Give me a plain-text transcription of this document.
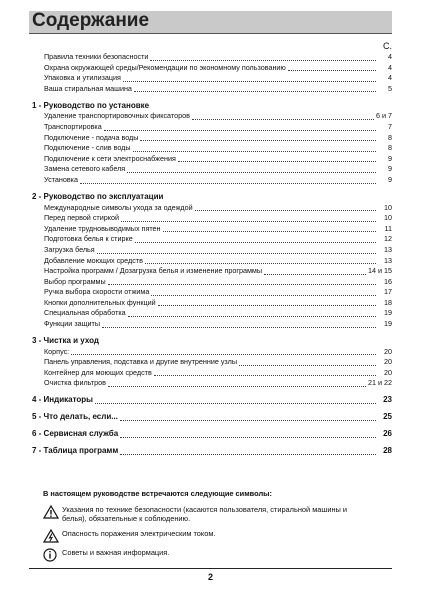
Содержание
С.
Правила техники безопасности	4
Охрана окружающей среды/Рекомендации по экономному пользованию	4
Упаковка и утилизация	4
Ваша стиральная машина	5
1 - Руководство по установке
Удаление транспортировочных фиксаторов	6 и 7
Транспортировка	7
Подключение - подача воды	8
Подключение - слив воды	8
Подключение к сети электроснабжения	9
Замена сетевого кабеля	9
Установка	9
2 - Руководство по эксплуатации
Международные символы ухода за одеждой	10
Перед первой стиркой	10
Удаление трудновыводимых пятен	11
Подготовка белья к стирке	12
Загрузка белья	13
Добавление моющих средств	13
Настройка программ / Дозагрузка белья и изменение программы	14 и 15
Выбор программы	16
Ручка выбора скорости отжима	17
Кнопки дополнительных функций	18
Специальная обработка	19
Функции защиты	19
3 - Чистка и уход
Корпус:	20
Панель управления, подставка и другие внутренние узлы	20
Контейнер для моющих средств	20
Очистка фильтров	21 и 22
4 - Индикаторы	23
5 - Что делать, если...	25
6 - Сервисная служба	26
7 - Таблица программ	28
В настоящем руководстве встречаются следующие символы:
Указания по технике безопасности (касаются пользователя, стиральной машины и белья), обязательные к соблюдению.
Опасность поражения электрическим током.
Советы и важная информация.
2
